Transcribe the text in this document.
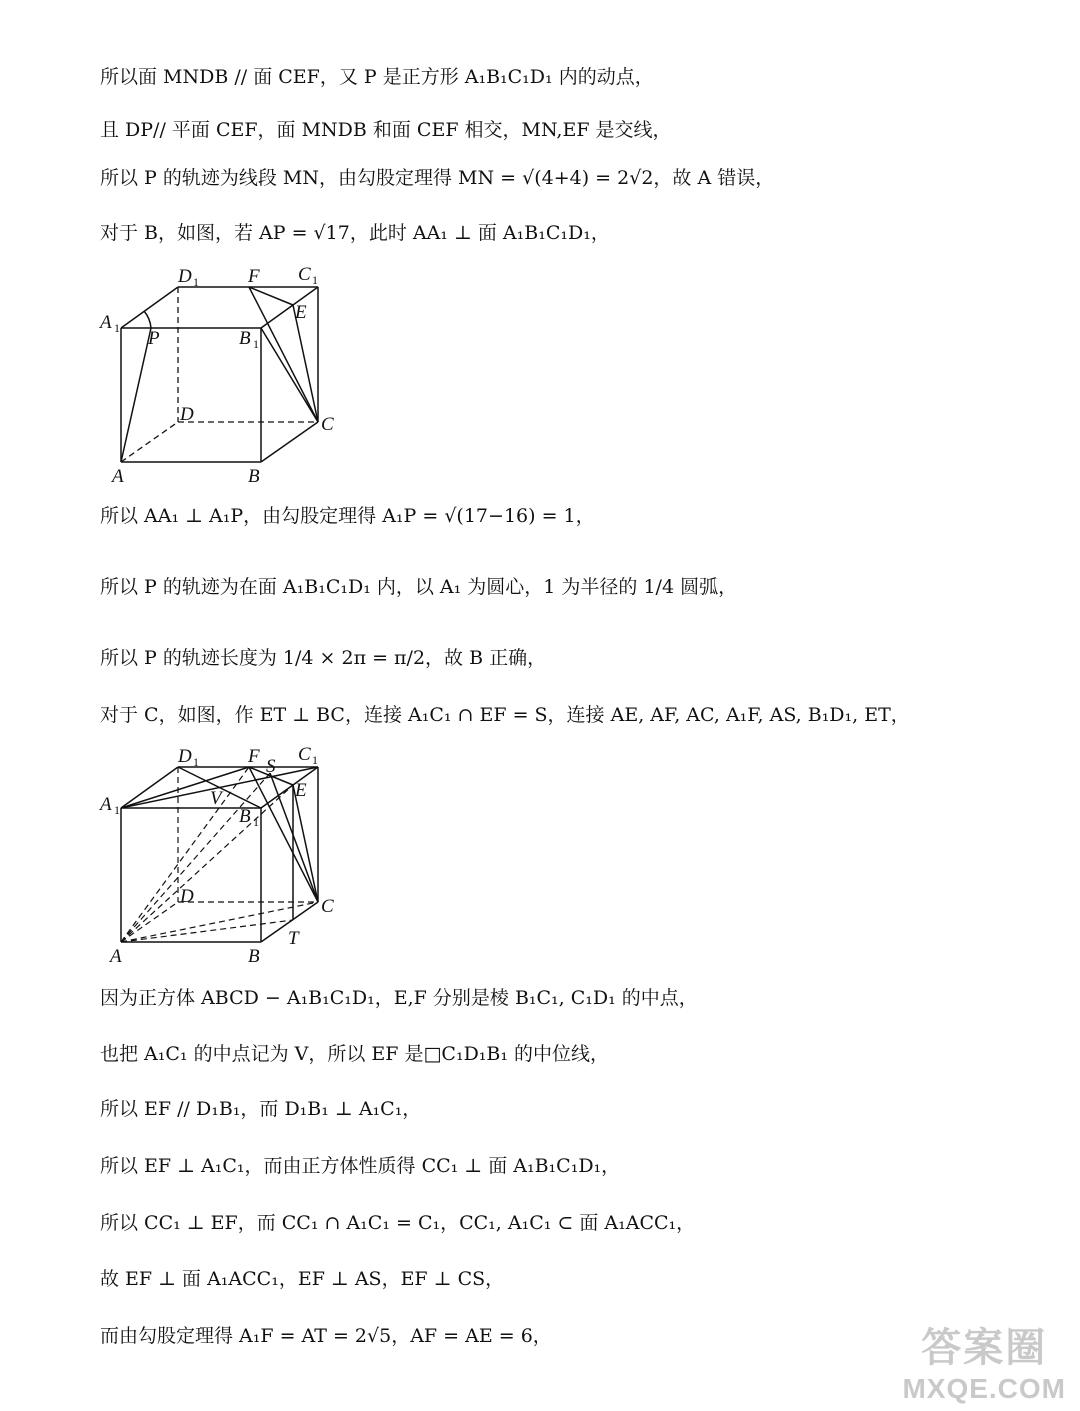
所以面 MNDB // 面 CEF，又 P 是正方形 A₁B₁C₁D₁ 内的动点，
且 DP// 平面 CEF，面 MNDB 和面 CEF 相交，MN,EF 是交线，
所以 P 的轨迹为线段 MN，由勾股定理得 MN = √(4+4) = 2√2，故 A 错误，
对于 B，如图，若 AP = √17，此时 AA₁ ⊥ 面 A₁B₁C₁D₁，
D 1	F C 1
A 1 P	B 1
E
D	C
A	B
所以 AA₁ ⊥ A₁P，由勾股定理得 A₁P = √(17−16) = 1，
所以 P 的轨迹为在面 A₁B₁C₁D₁ 内，以 A₁ 为圆心，1 为半径的 1/4 圆弧，
所以 P 的轨迹长度为 1/4 × 2π = π/2，故 B 正确，
对于 C，如图，作 ET ⊥ BC，连接 A₁C₁ ∩ EF = S，连接 AE, AF, AC, A₁F, AS, B₁D₁, ET，
D 1	F S
C 1
A 1
V
B 1
E
D	C
T
A	B
因为正方体 ABCD − A₁B₁C₁D₁，E,F 分别是棱 B₁C₁, C₁D₁ 的中点，
也把 A₁C₁ 的中点记为 V，所以 EF 是□C₁D₁B₁ 的中位线，
所以 EF // D₁B₁，而 D₁B₁ ⊥ A₁C₁，
所以 EF ⊥ A₁C₁，而由正方体性质得 CC₁ ⊥ 面 A₁B₁C₁D₁，
所以 CC₁ ⊥ EF，而 CC₁ ∩ A₁C₁ = C₁，CC₁, A₁C₁ ⊂ 面 A₁ACC₁，
故 EF ⊥ 面 A₁ACC₁，EF ⊥ AS，EF ⊥ CS，
而由勾股定理得 A₁F = AT = 2√5，AF = AE = 6，	答案圈
MXQE.COM
